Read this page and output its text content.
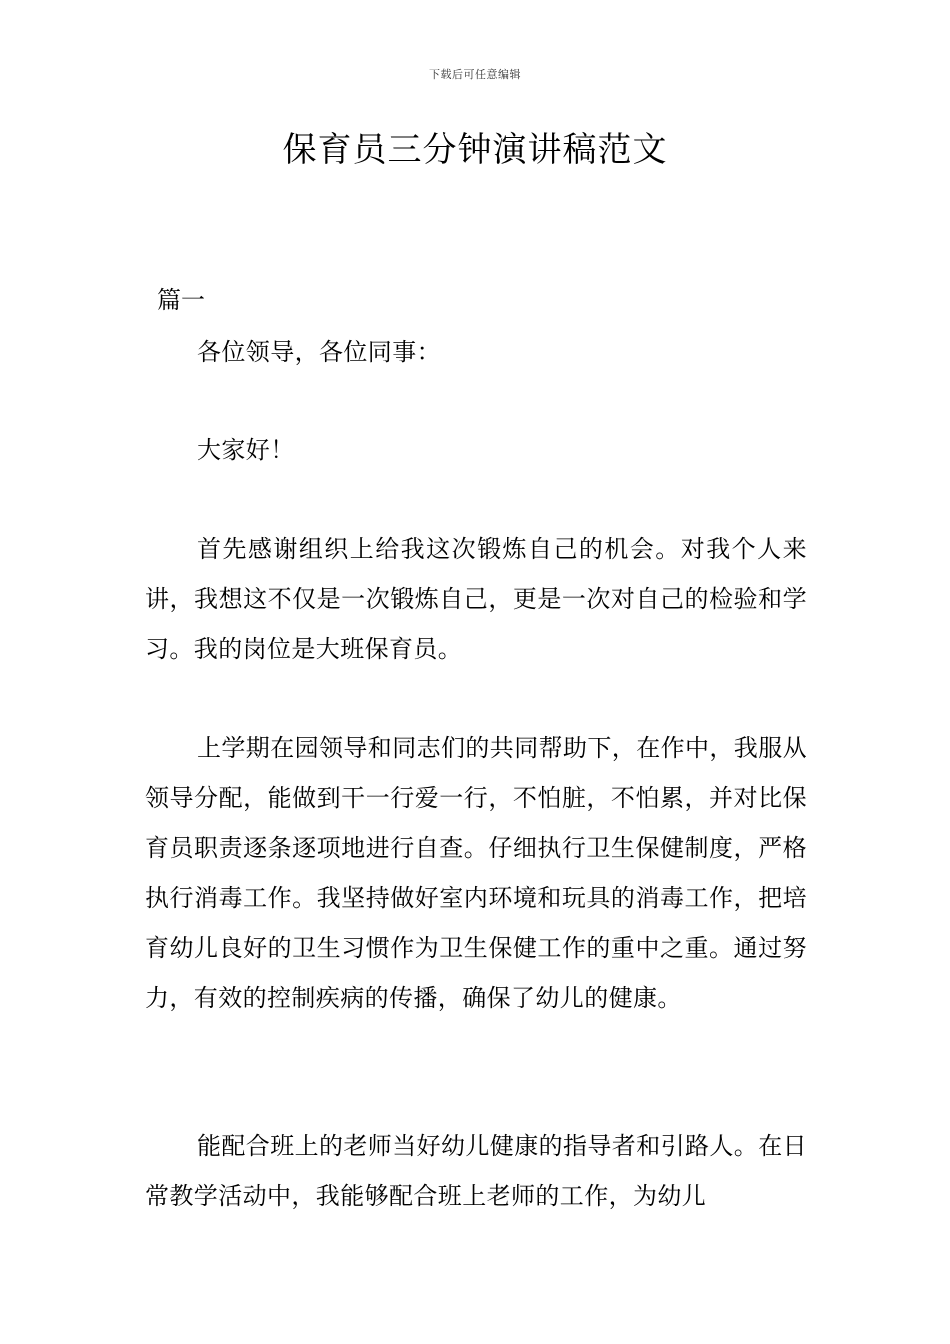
下载后可任意编辑
保育员三分钟演讲稿范文
篇一

各位领导，各位同事：

大家好！

首先感谢组织上给我这次锻炼自己的机会。对我个人来讲，我想这不仅是一次锻炼自己，更是一次对自己的检验和学习。我的岗位是大班保育员。

上学期在园领导和同志们的共同帮助下，在作中，我服从领导分配，能做到干一行爱一行，不怕脏，不怕累，并对比保育员职责逐条逐项地进行自查。仔细执行卫生保健制度，严格执行消毒工作。我坚持做好室内环境和玩具的消毒工作，把培育幼儿良好的卫生习惯作为卫生保健工作的重中之重。通过努力，有效的控制疾病的传播，确保了幼儿的健康。

能配合班上的老师当好幼儿健康的指导者和引路人。在日常教学活动中，我能够配合班上老师的工作，为幼儿
